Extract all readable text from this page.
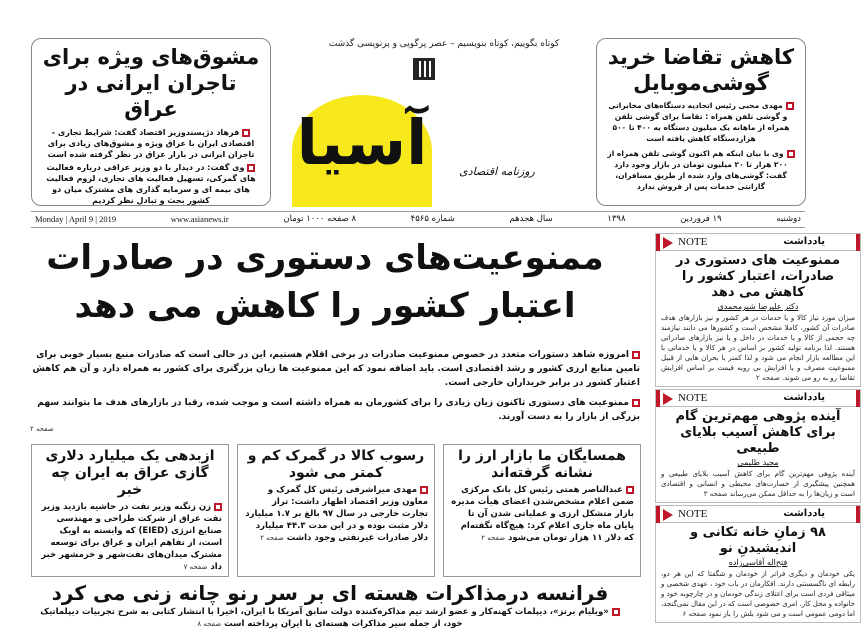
مشوق‌های ویژه برای تاجران ایرانی در عراق

فرهاد دژپسندوزیر اقتصاد گفت: شرایط تجاری - اقتصادی ایران با عراق ویژه و مشوق‌های زیادی برای تاجران ایرانی در بازار عراق در نظر گرفته شده است

وی گفت: در دیدار با دو وزیر عراقی درباره فعالیت های گمرکی، تسهیل فعالیت های تجاری، لزوم فعالیت های بیمه ای و سرمایه گذاری های مشترک میان دو کشور بحث و تبادل نظر کردیم

کوتاه بگوییم، کوتاه بنویسیم – عصر پرگویی و پرنویسی گذشت
آسیا	روزنامه اقتصادی
کاهش تقاضا خرید گوشی‌موبایل

مهدی محبی رئیس اتحادیه دستگاه‌های مخابراتی و گوشی تلفن همراه : تقاضا برای گوشی تلفن همراه از ماهانه یک میلیون دستگاه به ۴۰۰ تا ۵۰۰ هزاردستگاه کاهش یافته است

وی با بیان اینکه هم اکنون گوشی تلفن همراه از ۲۰۰ هزار تا ۲۰ میلیون تومان در بازار وجود دارد گفت: گوشی‌های وارد شده از طریق مسافران، گارانتی خدمات پس از فروش ندارد

Monday | April 9 | 2019	www.asianews.ir	۸ صفحه ۱۰۰۰ تومان	شماره ۴۵۶۵	سال هجدهم	۱۳۹۸	۱۹ فروردین	دوشنبه
ممنوعیت‌های دستوری در صادرات
اعتبار کشور را کاهش می دهد

امروزه شاهد دستورات متعدد در خصوص ممنوعیت صادرات در برخی اقلام هستیم، این در حالی است که صادرات منبع بسیار خوبی برای تامین منابع ارزی کشور و رشد اقتصادی است. باید اضافه نمود که این ممنوعیت ها زیان بزرگتری برای کشور به همراه دارد و آن هم کاهش اعتبار کشور در برابر خریداران خارجی است.

ممنوعیت های دستوری تاکنون زیان زیادی را برای کشورمان به همراه داشته است و موجب شده، رقبا در بازارهای هدف ما بتوانند سهم بزرگی از بازار را به دست آورند.

صفحه ۲
همسایگان ما بازار ارز را نشانه گرفته‌اند

عبدالناصر همتی رئیس کل بانک مرکزی ضمن اعلام مشخص‌شدن اعضای هیأت مدیره بازار متشکل ارزی و عملیاتی شدن آن تا پایان ماه جاری اعلام کرد: هیچ‌گاه نگفته‌ام که دلار ۱۱ هزار تومان می‌شود صفحه ۲

رسوب کالا در گمرک کم و کمتر می شود

مهدی میراشرفی رئیس کل گمرک و معاون وزیر اقتصاد اظهار داشت: تراز تجارت خارجی در سال ۹۷ بالغ بر ۱.۷ میلیارد دلار مثبت بوده و در این مدت ۴۴.۳ میلیارد دلار صادرات غیرنفتی وجود داشت صفحه ۲

ازبدهی یک میلیارد دلاری گازی عراق به ایران چه خبر

زن زنگنه وزیر نفت در حاشیه بازدید وزیر نفت عراق از شرکت طراحی و مهندسی صنایع انرژی (EIED) که وابسته به اویک است، از تفاهم ایران و عراق برای توسعه مشترک میدان‌های نفت‌شهر و خرمشهر خبر داد صفحه ۷

فرانسه درمذاکرات هسته ای بر سر رنو چانه زنی می کرد

«ویلیام برنز»، دیپلمات کهنه‌کار و عضو ارشد تیم مذاکره‌کننده دولت سابق آمریکا با ایران، اخیرا با انتشار کتابی به شرح تجربیات دیپلماتیک خود، از جمله سیر مذاکرات هسته‌ای با ایران پرداخته است صفحه ۸

یادداشت
NOTE
ممنوعیت های دستوری در صادرات، اعتبار کشور را کاهش می دهد
دکتر علیرضا شیرمحمدی

میزان مورد نیاز کالا و یا خدمات در هر کشور و نیز بازارهای هدف صادرات آن کشور، کاملا مشخص است و کشورها می دانند نیازمند چه حجمی از کالا و یا خدمات در داخل و یا نیز بازارهای صادراتی هستند. لذا برنامه تولید کشور بر اساس در هر کالا و یا خدماتی با این مطالعه بازار انجام می شود و لذا کمتر با بحران هایی از قبیل ممنوعیت مصرف و یا افزایش بی رویه قیمت بر اساس افزایش تقاضا رو به رو می شوند. صفحه ۲

یادداشت
NOTE
آینده پژوهی مهم‌ترین گام برای کاهش آسیب بلایای طبیعی
مجید طلیمی

آینده پژوهی مهم‌ترین گام برای کاهش آسیب بلایای طبیعی و همچنین پیشگیری از خسارت‌های محیطی و انسانی و اقتصادی است و زیان‌ها را به حداقل ممکن می‌رساند صفحه ۳

یادداشت
NOTE
۹۸ زمانِ خانه تکانی و اندیشیدنِ نو
فتح‌اله آقاسی‌زاده

یکی خودمان و دیگری فراتر از خودمان و شگفتا که این هر دو، رابطه ای ناگسستنی دارند. افکارمان در باب خود ، عهدی شخصی و میثاقی فردی است برای اعتلای زندگی خودمان و در چارچوبه خود و خانواده و محل کار. امری خصوصی است که در این مقال نمی‌گنجد، اما دومی عمومی است و می شود بلش را باز نمود صفحه ۶
